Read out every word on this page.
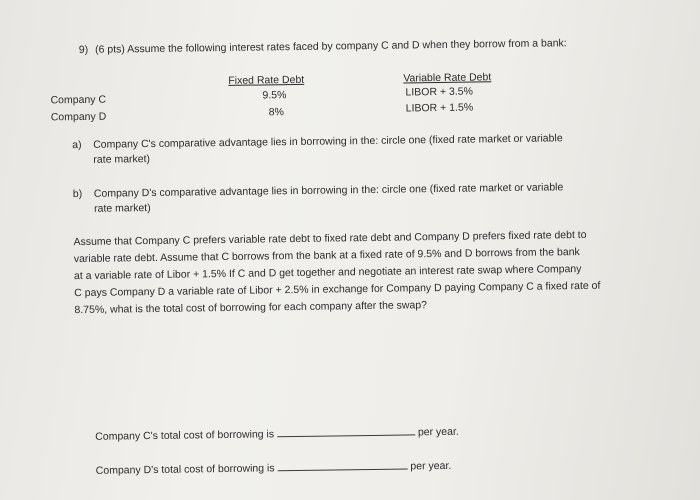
9) (6 pts) Assume the following interest rates faced by company C and D when they borrow from a bank:
Fixed Rate Debt	Variable Rate Debt
Company C	9.5%	LIBOR + 3.5%
Company D	8%	LIBOR + 1.5%
a) Company C's comparative advantage lies in borrowing in the: circle one (fixed rate market or variable
rate market)
b) Company D's comparative advantage lies in borrowing in the: circle one (fixed rate market or variable
rate market)
Assume that Company C prefers variable rate debt to fixed rate debt and Company D prefers fixed rate debt to
variable rate debt. Assume that C borrows from the bank at a fixed rate of 9.5% and D borrows from the bank
at a variable rate of Libor + 1.5% If C and D get together and negotiate an interest rate swap where Company
C pays Company D a variable rate of Libor + 2.5% in exchange for Company D paying Company C a fixed rate of
8.75%, what is the total cost of borrowing for each company after the swap?
Company C's total cost of borrowing is	per year.
Company D's total cost of borrowing is	per year.
